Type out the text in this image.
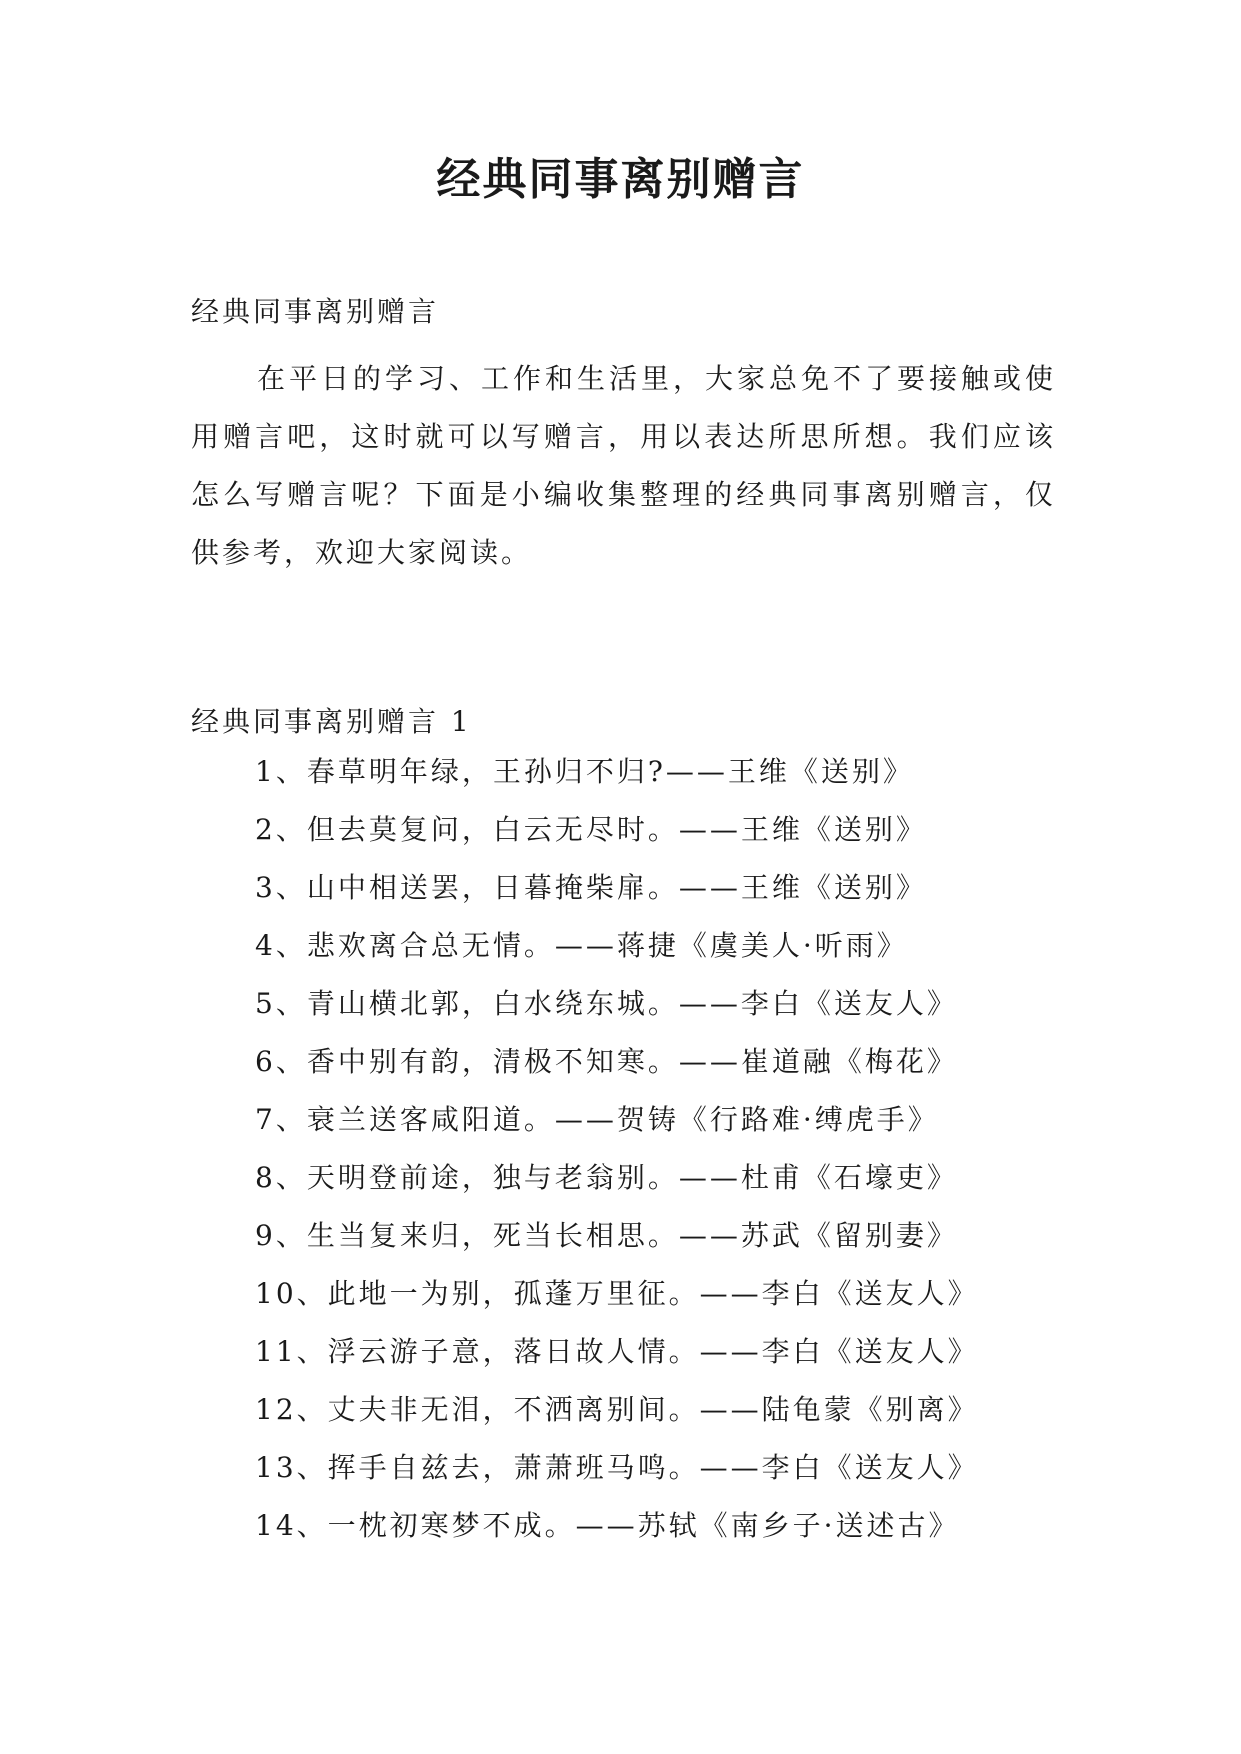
经典同事离别赠言

经典同事离别赠言

在平日的学习、工作和生活里，大家总免不了要接触或使用赠言吧，这时就可以写赠言，用以表达所思所想。我们应该怎么写赠言呢？下面是小编收集整理的经典同事离别赠言，仅供参考，欢迎大家阅读。

经典同事离别赠言 1

1、春草明年绿，王孙归不归?——王维《送别》
2、但去莫复问，白云无尽时。——王维《送别》
3、山中相送罢，日暮掩柴扉。——王维《送别》
4、悲欢离合总无情。——蒋捷《虞美人·听雨》
5、青山横北郭，白水绕东城。——李白《送友人》
6、香中别有韵，清极不知寒。——崔道融《梅花》
7、衰兰送客咸阳道。——贺铸《行路难·缚虎手》
8、天明登前途，独与老翁别。——杜甫《石壕吏》
9、生当复来归，死当长相思。——苏武《留别妻》
10、此地一为别，孤蓬万里征。——李白《送友人》
11、浮云游子意，落日故人情。——李白《送友人》
12、丈夫非无泪，不洒离别间。——陆龟蒙《别离》
13、挥手自兹去，萧萧班马鸣。——李白《送友人》
14、一枕初寒梦不成。——苏轼《南乡子·送述古》
